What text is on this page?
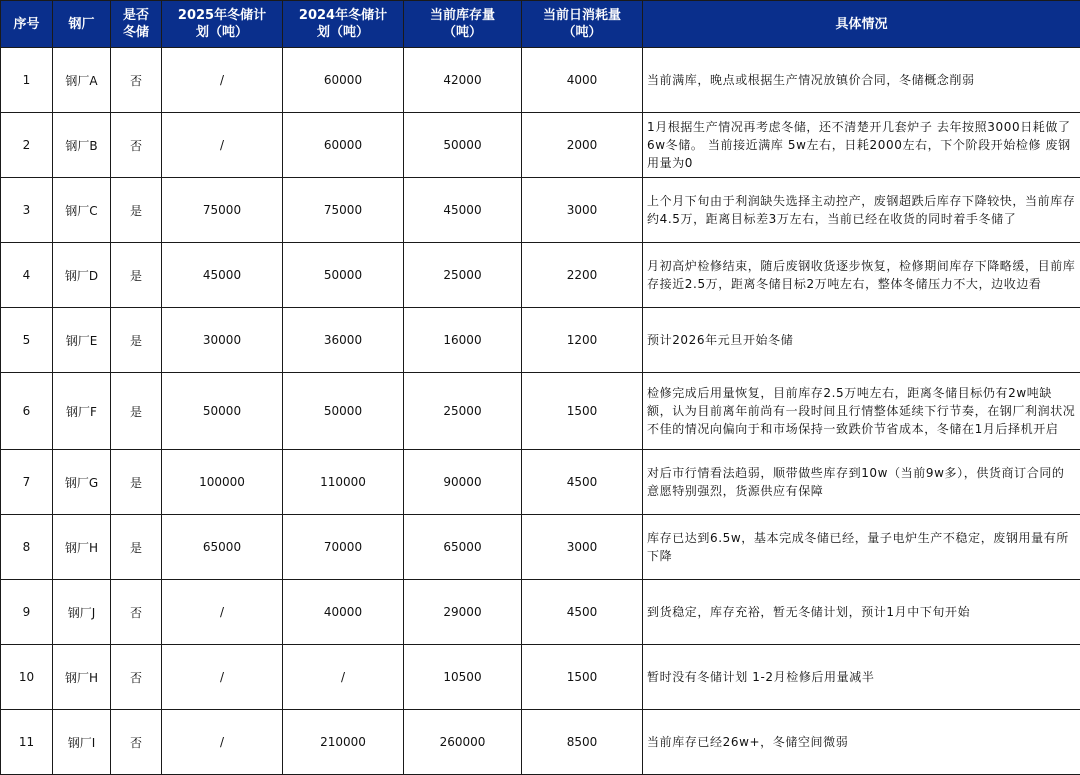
序号	钢厂	是否冬储	2025年冬储计划（吨）	2024年冬储计划（吨）	当前库存量（吨）	当前日消耗量（吨）	具体情况
1	钢厂A	否	/	60000	42000	4000	当前满库，晚点或根据生产情况放镇价合同，冬储概念削弱
2	钢厂B	否	/	60000	50000	2000	1月根据生产情况再考虑冬储，还不清楚开几套炉子 去年按照3000日耗做了6w冬储。 当前接近满库 5w左右，日耗2000左右，下个阶段开始检修 废钢用量为0
3	钢厂C	是	75000	75000	45000	3000	上个月下旬由于利润缺失选择主动控产，废钢超跌后库存下降较快，当前库存约4.5万，距离目标差3万左右，当前已经在收货的同时着手冬储了
4	钢厂D	是	45000	50000	25000	2200	月初高炉检修结束，随后废钢收货逐步恢复，检修期间库存下降略缓，目前库存接近2.5万，距离冬储目标2万吨左右，整体冬储压力不大，边收边看
5	钢厂E	是	30000	36000	16000	1200	预计2026年元旦开始冬储
6	钢厂F	是	50000	50000	25000	1500	检修完成后用量恢复，目前库存2.5万吨左右，距离冬储目标仍有2w吨缺额，认为目前离年前尚有一段时间且行情整体延续下行节奏，在钢厂利润状况不佳的情况向偏向于和市场保持一致跌价节省成本，冬储在1月后择机开启
7	钢厂G	是	100000	110000	90000	4500	对后市行情看法趋弱，顺带做些库存到10w（当前9w多），供货商订合同的意愿特别强烈，货源供应有保障
8	钢厂H	是	65000	70000	65000	3000	库存已达到6.5w，基本完成冬储已经，量子电炉生产不稳定，废钢用量有所下降
9	钢厂J	否	/	40000	29000	4500	到货稳定，库存充裕，暂无冬储计划，预计1月中下旬开始
10	钢厂H	否	/	/	10500	1500	暂时没有冬储计划 1-2月检修后用量减半
11	钢厂I	否	/	210000	260000	8500	当前库存已经26w+，冬储空间微弱
